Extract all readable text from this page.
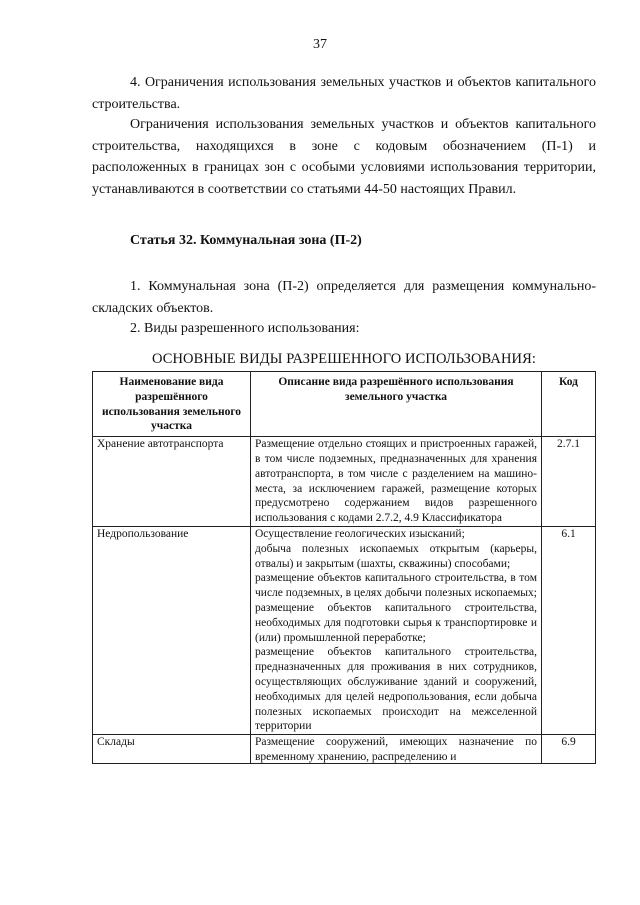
37
4. Ограничения использования земельных участков и объектов капитального строительства.
Ограничения использования земельных участков и объектов капитального строительства, находящихся в зоне с кодовым обозначением (П-1) и расположенных в границах зон с особыми условиями использования территории, устанавливаются в соответствии со статьями 44-50 настоящих Правил.
Статья 32. Коммунальная зона (П-2)
1. Коммунальная зона (П-2) определяется для размещения коммунально-складских объектов.
2. Виды разрешенного использования:
ОСНОВНЫЕ ВИДЫ РАЗРЕШЕННОГО ИСПОЛЬЗОВАНИЯ:
Наименование вида разрешённого использования земельного участка	Описание вида разрешённого использования земельного участка	Код
Хранение автотранспорта	Размещение отдельно стоящих и пристроенных гаражей, в том числе подземных, предназначенных для хранения автотранспорта, в том числе с разделением на машино-места, за исключением гаражей, размещение которых предусмотрено содержанием видов разрешенного использования с кодами 2.7.2, 4.9 Классификатора	2.7.1
Недропользование	Осуществление геологических изысканий;
добыча полезных ископаемых открытым (карьеры, отвалы) и закрытым (шахты, скважины) способами;
размещение объектов капитального строительства, в том числе подземных, в целях добычи полезных ископаемых;
размещение объектов капитального строительства, необходимых для подготовки сырья к транспортировке и (или) промышленной переработке;
размещение объектов капитального строительства, предназначенных для проживания в них сотрудников, осуществляющих обслуживание зданий и сооружений, необходимых для целей недропользования, если добыча полезных ископаемых происходит на межселенной территории	6.1
Склады	Размещение сооружений, имеющих назначение по временному хранению, распределению и	6.9
